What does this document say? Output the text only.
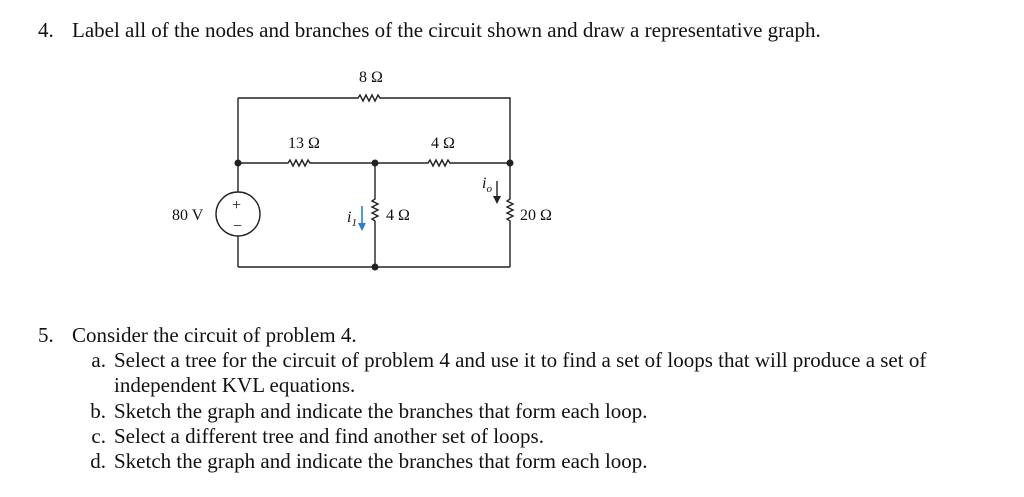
4. Label all of the nodes and branches of the circuit shown and draw a representative graph.
+
−
8 Ω
13 Ω	4 Ω
4 Ω	20 Ω
80 V
$i_o$
$i_1$
5. Consider the circuit of problem 4.
a. Select a tree for the circuit of problem 4 and use it to find a set of loops that will produce a set of
independent KVL equations.
b. Sketch the graph and indicate the branches that form each loop.
c. Select a different tree and find another set of loops.
d. Sketch the graph and indicate the branches that form each loop.
